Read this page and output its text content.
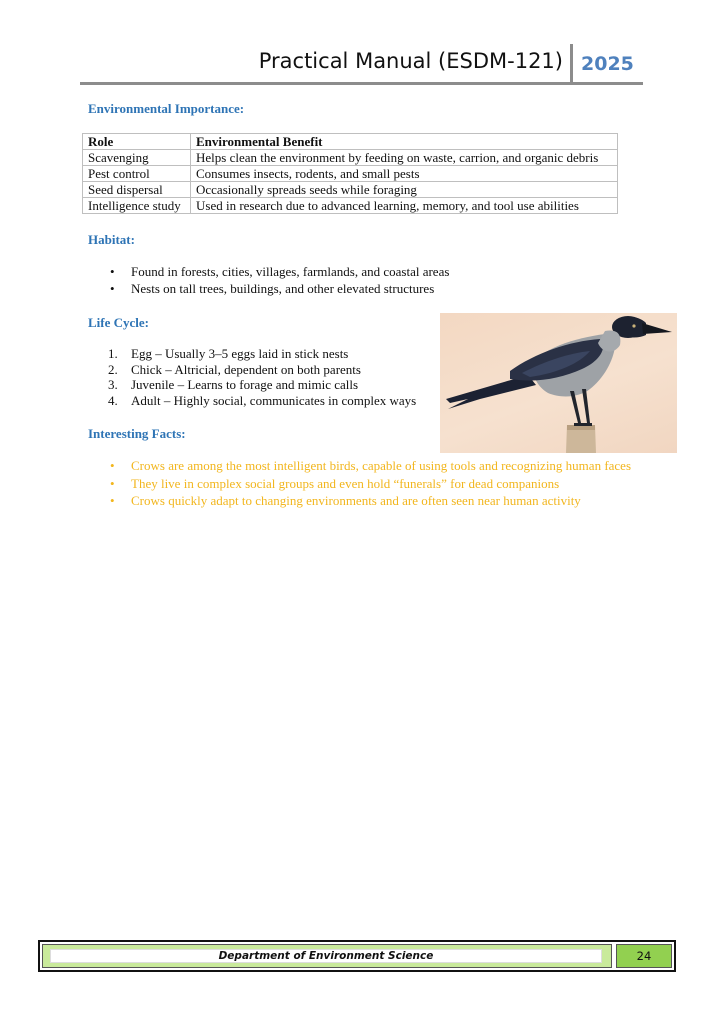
Practical Manual (ESDM-121) 2025
Environmental Importance:
Role	Environmental Benefit
Scavenging	Helps clean the environment by feeding on waste, carrion, and organic debris
Pest control	Consumes insects, rodents, and small pests
Seed dispersal	Occasionally spreads seeds while foraging
Intelligence study	Used in research due to advanced learning, memory, and tool use abilities
Habitat:
• Found in forests, cities, villages, farmlands, and coastal areas
• Nests on tall trees, buildings, and other elevated structures
Life Cycle:
1. Egg – Usually 3–5 eggs laid in stick nests
2. Chick – Altricial, dependent on both parents
3. Juvenile – Learns to forage and mimic calls
4. Adult – Highly social, communicates in complex ways
Interesting Facts:
• Crows are among the most intelligent birds, capable of using tools and recognizing human faces
• They live in complex social groups and even hold “funerals” for dead companions
• Crows quickly adapt to changing environments and are often seen near human activity
Department of Environment Science	24
